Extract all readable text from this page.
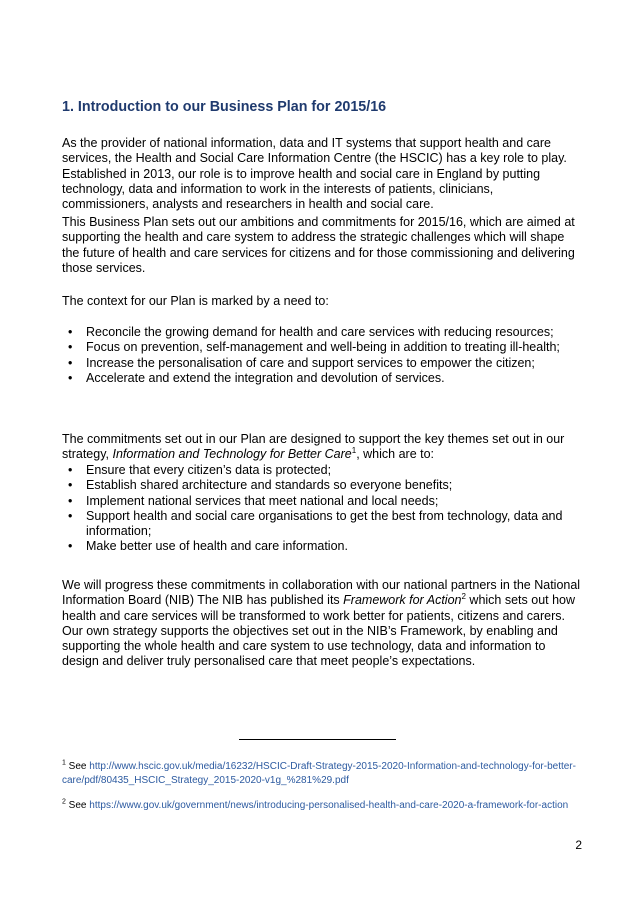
1. Introduction to our Business Plan for 2015/16

As the provider of national information, data and IT systems that support health and care services, the Health and Social Care Information Centre (the HSCIC) has a key role to play. Established in 2013, our role is to improve health and social care in England by putting technology, data and information to work in the interests of patients, clinicians, commissioners, analysts and researchers in health and social care.

This Business Plan sets out our ambitions and commitments for 2015/16, which are aimed at supporting the health and care system to address the strategic challenges which will shape the future of health and care services for citizens and for those commissioning and delivering those services.

The context for our Plan is marked by a need to:

• Reconcile the growing demand for health and care services with reducing resources;
• Focus on prevention, self-management and well-being in addition to treating ill-health;
• Increase the personalisation of care and support services to empower the citizen;
• Accelerate and extend the integration and devolution of services.

The commitments set out in our Plan are designed to support the key themes set out in our strategy, Information and Technology for Better Care$^1$, which are to:

• Ensure that every citizen’s data is protected;
• Establish shared architecture and standards so everyone benefits;
• Implement national services that meet national and local needs;
• Support health and social care organisations to get the best from technology, data and information;
• Make better use of health and care information.

We will progress these commitments in collaboration with our national partners in the National Information Board (NIB) The NIB has published its Framework for Action$^2$ which sets out how health and care services will be transformed to work better for patients, citizens and carers. Our own strategy supports the objectives set out in the NIB’s Framework, by enabling and supporting the whole health and care system to use technology, data and information to design and deliver truly personalised care that meet people’s expectations.

$^1$ See http://www.hscic.gov.uk/media/16232/HSCIC-Draft-Strategy-2015-2020-Information-and-technology-for-better-care/pdf/80435_HSCIC_Strategy_2015-2020-v1g_%281%29.pdf

$^2$ See https://www.gov.uk/government/news/introducing-personalised-health-and-care-2020-a-framework-for-action

2
